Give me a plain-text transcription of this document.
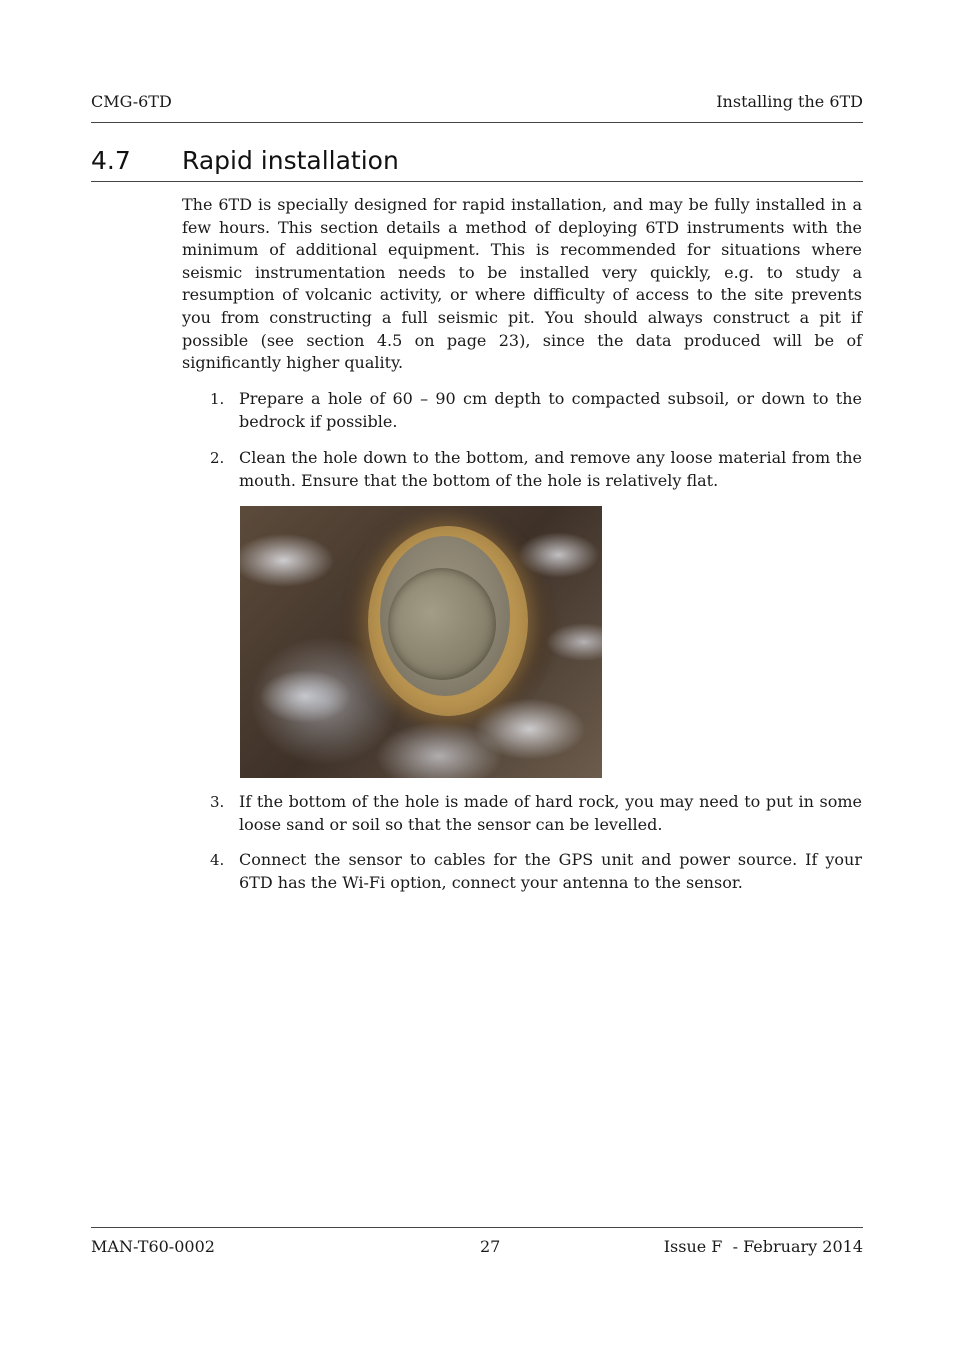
CMG-6TD	Installing the 6TD
4.7 Rapid installation

The 6TD is specially designed for rapid installation, and may be fully installed in a few hours. This section details a method of deploying 6TD instruments with the minimum of additional equipment. This is recommended for situations where seismic instrumentation needs to be installed very quickly, e.g. to study a resumption of volcanic activity, or where difficulty of access to the site prevents you from constructing a full seismic pit. You should always construct a pit if possible (see section 4.5 on page 23), since the data produced will be of significantly higher quality.

1. Prepare a hole of 60 – 90 cm depth to compacted subsoil, or down to the bedrock if possible.

2. Clean the hole down to the bottom, and remove any loose material from the mouth. Ensure that the bottom of the hole is relatively flat.

3. If the bottom of the hole is made of hard rock, you may need to put in some loose sand or soil so that the sensor can be levelled.

4. Connect the sensor to cables for the GPS unit and power source. If your 6TD has the Wi-Fi option, connect your antenna to the sensor.

MAN-T60-0002	27	Issue F  - February 2014
